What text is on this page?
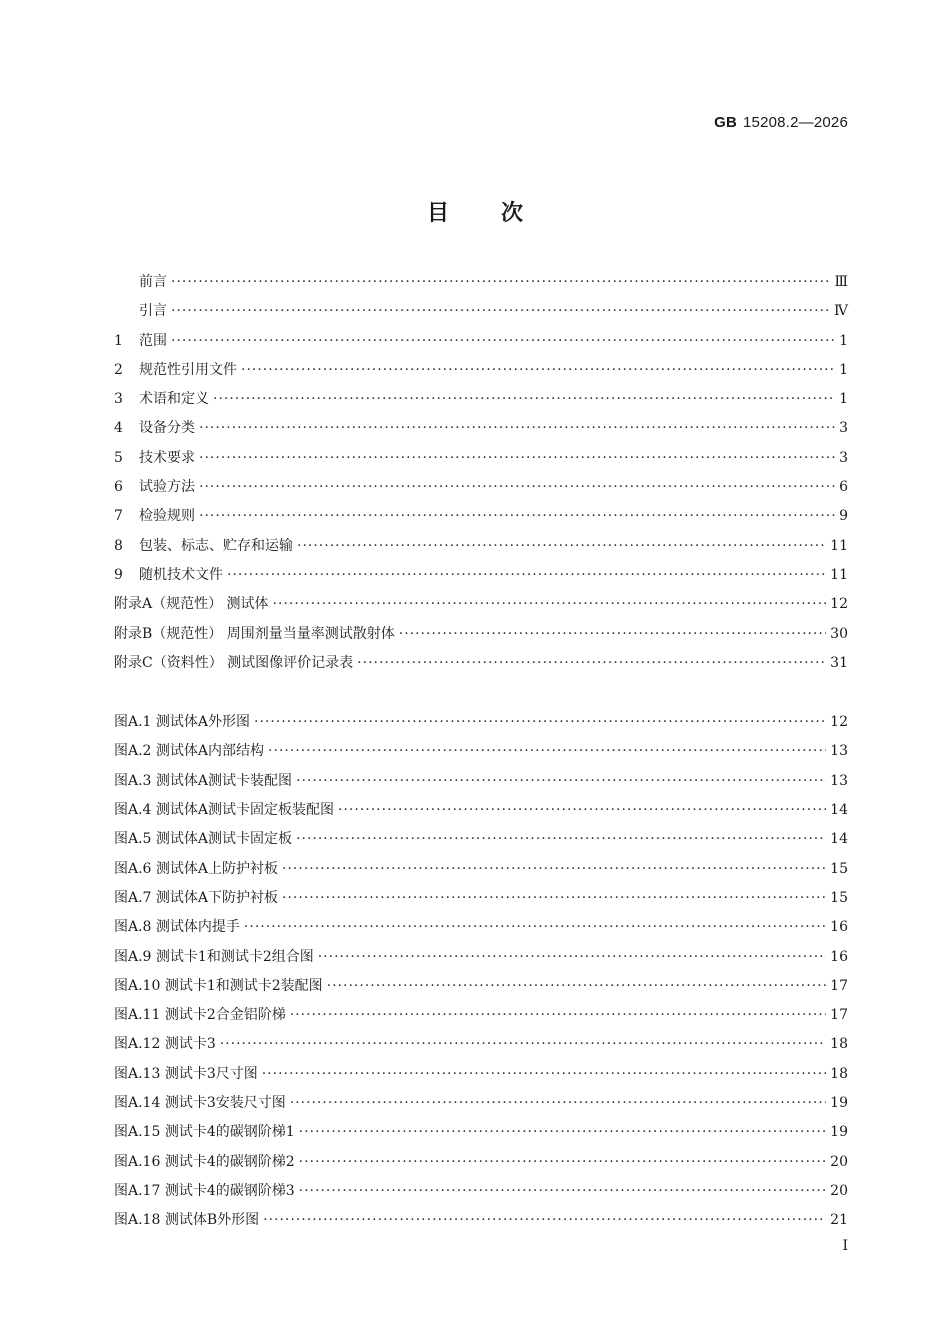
GB 15208.2—2026
目次
前言 ·····	Ⅲ
引言 ·····	Ⅳ
1 范围 ·····	1
2 规范性引用文件 ·····	1
3 术语和定义 ·····	1
4 设备分类 ·····	3
5 技术要求 ·····	3
6 试验方法 ·····	6
7 检验规则 ·····	9
8 包装、标志、贮存和运输 ·····	11
9 随机技术文件 ·····	11
附录A（规范性） 测试体 ·····	12
附录B（规范性） 周围剂量当量率测试散射体 ·····	30
附录C（资料性） 测试图像评价记录表 ·····	31
图A.1 测试体A外形图 ·····	12
图A.2 测试体A内部结构 ·····	13
图A.3 测试体A测试卡装配图 ·····	13
图A.4 测试体A测试卡固定板装配图 ·····	14
图A.5 测试体A测试卡固定板 ·····	14
图A.6 测试体A上防护衬板 ·····	15
图A.7 测试体A下防护衬板 ·····	15
图A.8 测试体内提手 ·····	16
图A.9 测试卡1和测试卡2组合图 ·····	16
图A.10 测试卡1和测试卡2装配图 ·····	17
图A.11 测试卡2合金铝阶梯 ·····	17
图A.12 测试卡3 ·····	18
图A.13 测试卡3尺寸图 ·····	18
图A.14 测试卡3安装尺寸图 ·····	19
图A.15 测试卡4的碳钢阶梯1 ·····	19
图A.16 测试卡4的碳钢阶梯2 ·····	20
图A.17 测试卡4的碳钢阶梯3 ·····	20
图A.18 测试体B外形图 ·····	21
Ⅰ
